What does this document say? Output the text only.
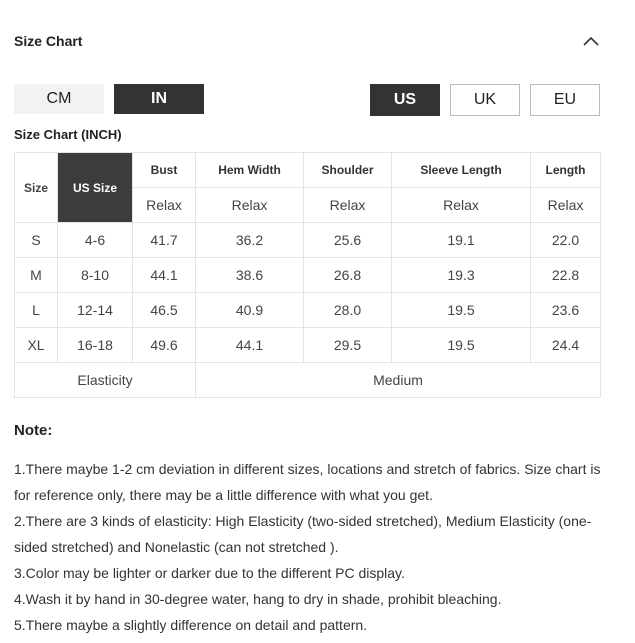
Size Chart
CM	IN	US	UK	EU
Size Chart (INCH)
Size	US Size	Bust	Hem Width	Shoulder	Sleeve Length	Length
		Relax	Relax	Relax	Relax	Relax
S	4-6	41.7	36.2	25.6	19.1	22.0
M	8-10	44.1	38.6	26.8	19.3	22.8
L	12-14	46.5	40.9	28.0	19.5	23.6
XL	16-18	49.6	44.1	29.5	19.5	24.4
Elasticity			Medium			
Note:

1.There maybe 1-2 cm deviation in different sizes, locations and stretch of fabrics. Size chart is for reference only, there may be a little difference with what you get.

2.There are 3 kinds of elasticity: High Elasticity (two-sided stretched), Medium Elasticity (one-sided stretched) and Nonelastic (can not stretched ).

3.Color may be lighter or darker due to the different PC display.

4.Wash it by hand in 30-degree water, hang to dry in shade, prohibit bleaching.

5.There maybe a slightly difference on detail and pattern.
